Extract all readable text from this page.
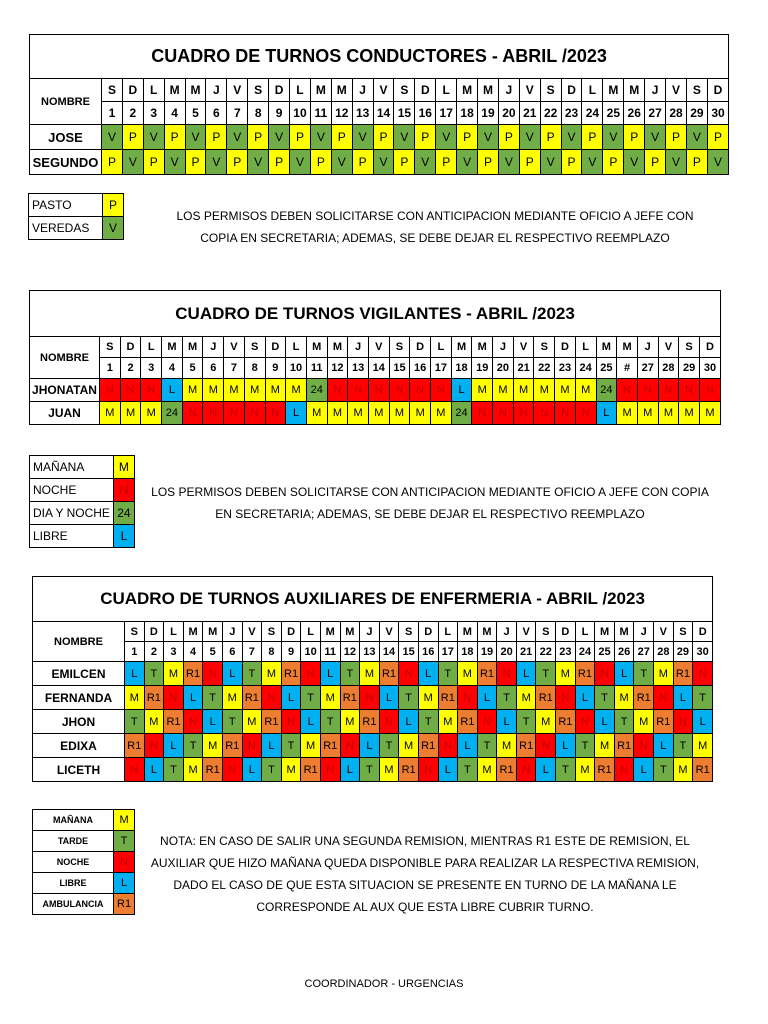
CUADRO DE TURNOS CONDUCTORES - ABRIL /2023																														
NOMBRE	S	D	L	M	M	J	V	S	D	L	M	M	J	V	S	D	L	M	M	J	V	S	D	L	M	M	J	V	S	D
	1	2	3	4	5	6	7	8	9	10	11	12	13	14	15	16	17	18	19	20	21	22	23	24	25	26	27	28	29	30
JOSE	V	P	V	P	V	P	V	P	V	P	V	P	V	P	V	P	V	P	V	P	V	P	V	P	V	P	V	P	V	P
SEGUNDO	P	V	P	V	P	V	P	V	P	V	P	V	P	V	P	V	P	V	P	V	P	V	P	V	P	V	P	V	P	V
PASTO	P
VEREDAS	V
LOS PERMISOS DEBEN SOLICITARSE CON ANTICIPACION MEDIANTE OFICIO A JEFE CON COPIA EN SECRETARIA; ADEMAS, SE DEBE DEJAR EL RESPECTIVO REEMPLAZO
CUADRO DE TURNOS VIGILANTES - ABRIL /2023																														
NOMBRE	S	D	L	M	M	J	V	S	D	L	M	M	J	V	S	D	L	M	M	J	V	S	D	L	M	M	J	V	S	D
	1	2	3	4	5	6	7	8	9	10	11	12	13	14	15	16	17	18	19	20	21	22	23	24	25	#	27	28	29	30
JHONATAN	N	N	N	L	M	M	M	M	M	M	24	N	N	N	N	N	N	L	M	M	M	M	M	M	24	N	N	N	N	N
JUAN	M	M	M	24	N	N	N	N	N	L	M	M	M	M	M	M	M	24	N	N	N	N	N	N	L	M	M	M	M	M
MAÑANA	M
NOCHE	N
DIA Y NOCHE	24
LIBRE	L
LOS PERMISOS DEBEN SOLICITARSE CON ANTICIPACION MEDIANTE OFICIO A JEFE CON COPIA EN SECRETARIA; ADEMAS, SE DEBE DEJAR EL RESPECTIVO REEMPLAZO
CUADRO DE TURNOS AUXILIARES DE ENFERMERIA - ABRIL /2023																														
NOMBRE	S	D	L	M	M	J	V	S	D	L	M	M	J	V	S	D	L	M	M	J	V	S	D	L	M	M	J	V	S	D
	1	2	3	4	5	6	7	8	9	10	11	12	13	14	15	16	17	18	19	20	21	22	23	24	25	26	27	28	29	30
EMILCEN	L	T	M	R1	N	L	T	M	R1	N	L	T	M	R1	N	L	T	M	R1	N	L	T	M	R1	N	L	T	M	R1	N
FERNANDA	M	R1	N	L	T	M	R1	N	L	T	M	R1	N	L	T	M	R1	N	L	T	M	R1	N	L	T	M	R1	N	L	T
JHON	T	M	R1	N	L	T	M	R1	N	L	T	M	R1	N	L	T	M	R1	N	L	T	M	R1	N	L	T	M	R1	N	L
EDIXA	R1	N	L	T	M	R1	N	L	T	M	R1	N	L	T	M	R1	N	L	T	M	R1	N	L	T	M	R1	N	L	T	M
LICETH	N	L	T	M	R1	N	L	T	M	R1	N	L	T	M	R1	N	L	T	M	R1	N	L	T	M	R1	N	L	T	M	R1
MAÑANA	M
TARDE	T
NOCHE	N
LIBRE	L
AMBULANCIA	R1
NOTA: EN CASO DE SALIR UNA SEGUNDA REMISION, MIENTRAS R1 ESTE DE REMISION, EL AUXILIAR QUE HIZO MAÑANA QUEDA DISPONIBLE PARA REALIZAR LA RESPECTIVA REMISION, DADO EL CASO DE QUE ESTA SITUACION SE PRESENTE EN TURNO DE LA MAÑANA LE CORRESPONDE AL AUX QUE ESTA LIBRE CUBRIR TURNO.
COORDINADOR - URGENCIAS
